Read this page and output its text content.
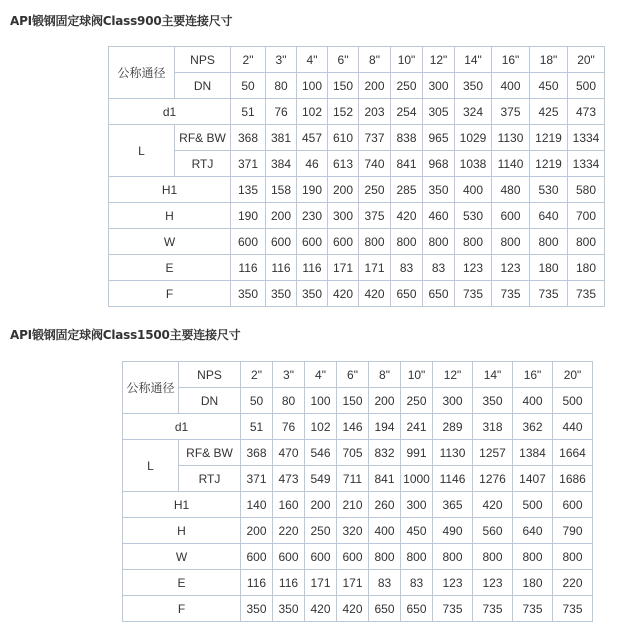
API锻钢固定球阀Class900主要连接尺寸
公称通径	NPS	2"	3"	4"	6"	8"	10"	12"	14"	16"	18"	20"
	DN	50	80	100	150	200	250	300	350	400	450	500
d1		51	76	102	152	203	254	305	324	375	425	473
L	RF& BW	368	381	457	610	737	838	965	1029	1130	1219	1334
	RTJ	371	384	46	613	740	841	968	1038	1140	1219	1334
H1		135	158	190	200	250	285	350	400	480	530	580
H		190	200	230	300	375	420	460	530	600	640	700
W		600	600	600	600	800	800	800	800	800	800	800
E		116	116	116	171	171	83	83	123	123	180	180
F		350	350	350	420	420	650	650	735	735	735	735
API锻钢固定球阀Class1500主要连接尺寸
公称通径	NPS	2"	3"	4"	6"	8"	10"	12"	14"	16"	20"
	DN	50	80	100	150	200	250	300	350	400	500
d1		51	76	102	146	194	241	289	318	362	440
L	RF& BW	368	470	546	705	832	991	1130	1257	1384	1664
	RTJ	371	473	549	711	841	1000	1146	1276	1407	1686
H1		140	160	200	210	260	300	365	420	500	600
H		200	220	250	320	400	450	490	560	640	790
W		600	600	600	600	800	800	800	800	800	800
E		116	116	171	171	83	83	123	123	180	220
F		350	350	420	420	650	650	735	735	735	735
